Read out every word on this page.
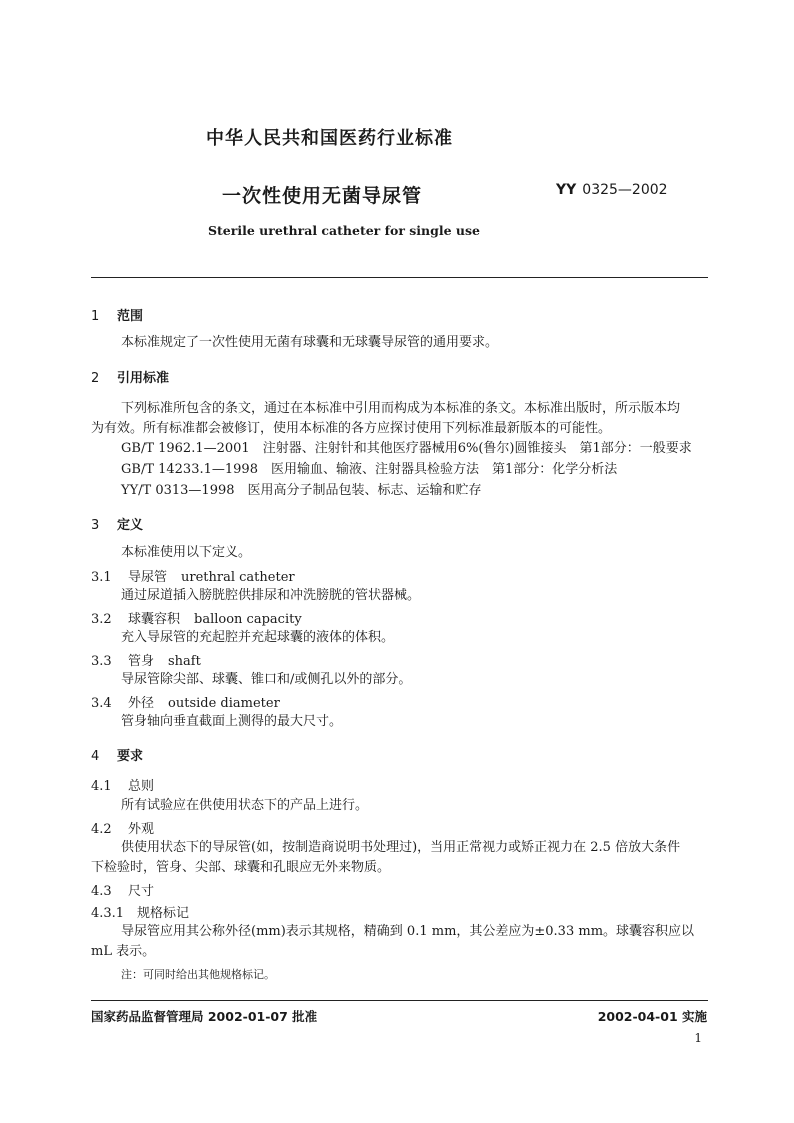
中华人民共和国医药行业标准
一次性使用无菌导尿管	YY 0325—2002
Sterile urethral catheter for single use
1 范围
本标准规定了一次性使用无菌有球囊和无球囊导尿管的通用要求。
2 引用标准
下列标准所包含的条文，通过在本标准中引用而构成为本标准的条文。本标准出版时，所示版本均
为有效。所有标准都会被修订，使用本标准的各方应探讨使用下列标准最新版本的可能性。
GB/T 1962.1—2001　注射器、注射针和其他医疗器械用6%(鲁尔)圆锥接头　第1部分：一般要求
GB/T 14233.1—1998　医用输血、输液、注射器具检验方法　第1部分：化学分析法
YY/T 0313—1998　医用高分子制品包装、标志、运输和贮存
3 定义
本标准使用以下定义。
3.1 导尿管 urethral catheter
通过尿道插入膀胱腔供排尿和冲洗膀胱的管状器械。
3.2 球囊容积 balloon capacity
充入导尿管的充起腔并充起球囊的液体的体积。
3.3 管身 shaft
导尿管除尖部、球囊、锥口和/或侧孔以外的部分。
3.4 外径 outside diameter
管身轴向垂直截面上测得的最大尺寸。
4 要求
4.1 总则
所有试验应在供使用状态下的产品上进行。
4.2 外观
供使用状态下的导尿管(如，按制造商说明书处理过)，当用正常视力或矫正视力在 2.5 倍放大条件
下检验时，管身、尖部、球囊和孔眼应无外来物质。
4.3 尺寸
4.3.1 规格标记
导尿管应用其公称外径(mm)表示其规格，精确到 0.1 mm，其公差应为±0.33 mm。球囊容积应以
mL 表示。
注：可同时给出其他规格标记。
国家药品监督管理局 2002-01-07 批准	2002-04-01 实施
1
